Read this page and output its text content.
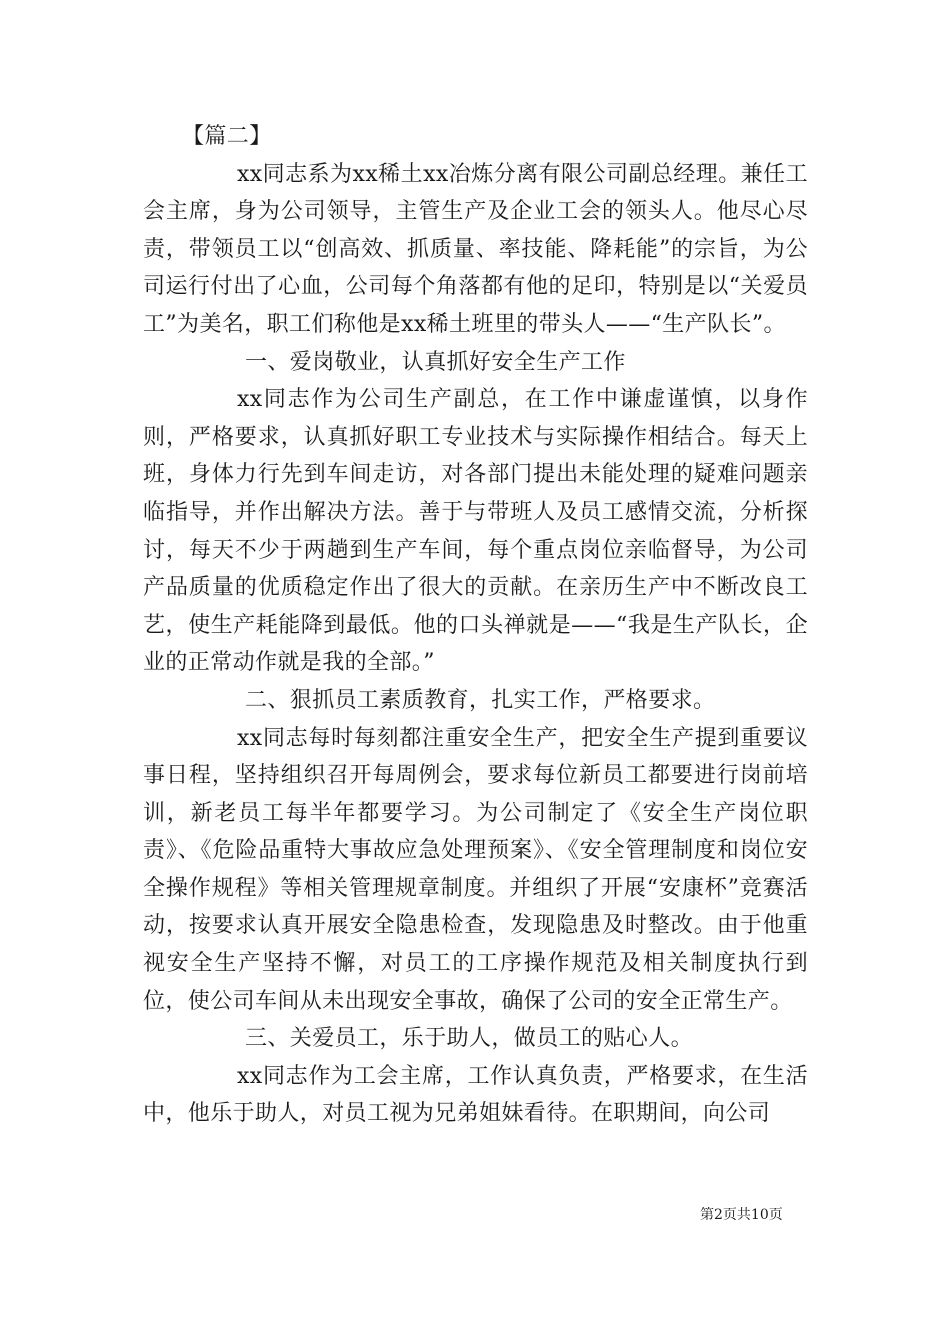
【篇二】

xx同志系为xx稀土xx冶炼分离有限公司副总经理。兼任工会主席，身为公司领导，主管生产及企业工会的领头人。他尽心尽责，带领员工以“创高效、抓质量、率技能、降耗能”的宗旨，为公司运行付出了心血，公司每个角落都有他的足印，特别是以“关爱员工”为美名，职工们称他是xx稀土班里的带头人——“生产队长”。

一、爱岗敬业，认真抓好安全生产工作

xx同志作为公司生产副总，在工作中谦虚谨慎，以身作则，严格要求，认真抓好职工专业技术与实际操作相结合。每天上班，身体力行先到车间走访，对各部门提出未能处理的疑难问题亲临指导，并作出解决方法。善于与带班人及员工感情交流，分析探讨，每天不少于两趟到生产车间，每个重点岗位亲临督导，为公司产品质量的优质稳定作出了很大的贡献。在亲历生产中不断改良工艺，使生产耗能降到最低。他的口头禅就是——“我是生产队长，企业的正常动作就是我的全部。”

二、狠抓员工素质教育，扎实工作，严格要求。

xx同志每时每刻都注重安全生产，把安全生产提到重要议事日程，坚持组织召开每周例会，要求每位新员工都要进行岗前培训，新老员工每半年都要学习。为公司制定了《安全生产岗位职责》、《危险品重特大事故应急处理预案》、《安全管理制度和岗位安全操作规程》等相关管理规章制度。并组织了开展“安康杯”竞赛活动，按要求认真开展安全隐患检查，发现隐患及时整改。由于他重视安全生产坚持不懈，对员工的工序操作规范及相关制度执行到位，使公司车间从未出现安全事故，确保了公司的安全正常生产。

三、关爱员工，乐于助人，做员工的贴心人。

xx同志作为工会主席，工作认真负责，严格要求，在生活中，他乐于助人，对员工视为兄弟姐妹看待。在职期间，向公司

第2页共10页
